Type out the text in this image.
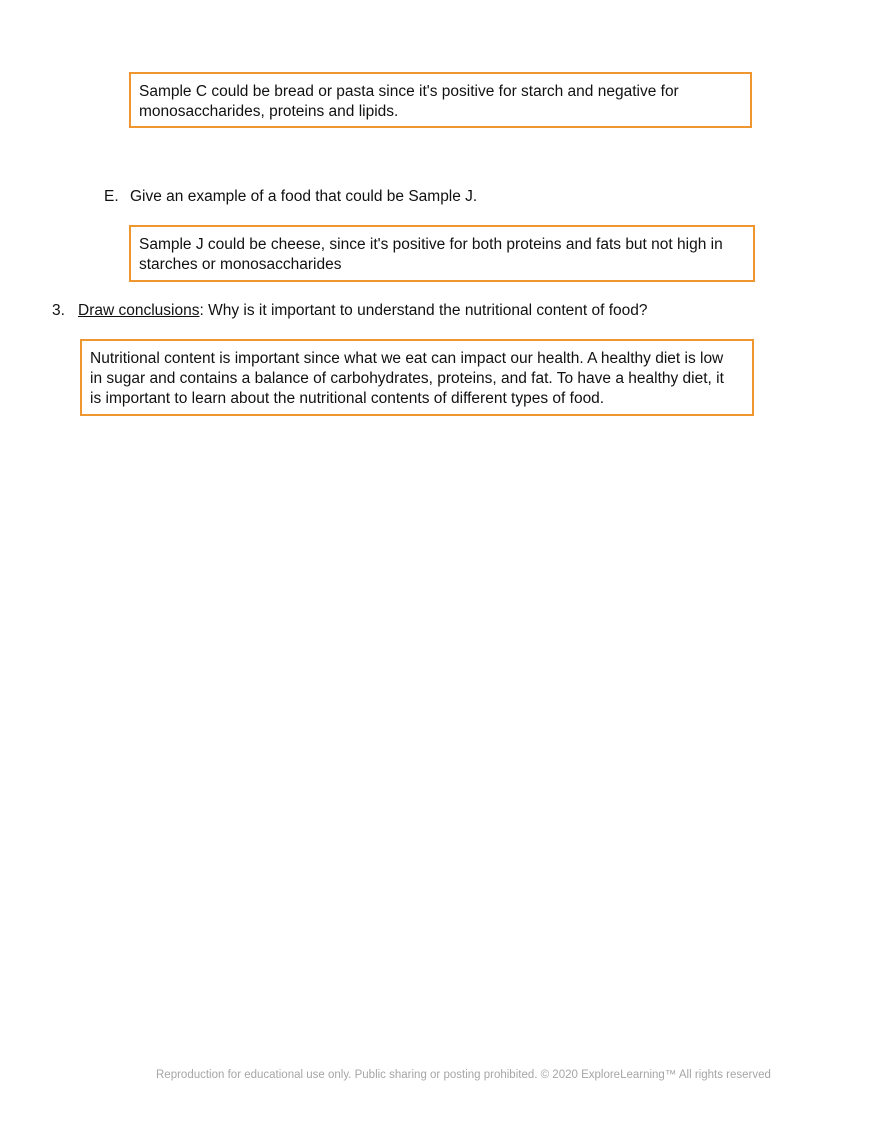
Sample C could be bread or pasta since it's positive for starch and negative for
monosaccharides, proteins and lipids.
E. Give an example of a food that could be Sample J.
Sample J could be cheese, since it's positive for both proteins and fats but not high in
starches or monosaccharides
3. Draw conclusions: Why is it important to understand the nutritional content of food?
Nutritional content is important since what we eat can impact our health. A healthy diet is low
in sugar and contains a balance of carbohydrates, proteins, and fat. To have a healthy diet, it
is important to learn about the nutritional contents of different types of food.
Reproduction for educational use only. Public sharing or posting prohibited. © 2020 ExploreLearning™ All rights reserved
